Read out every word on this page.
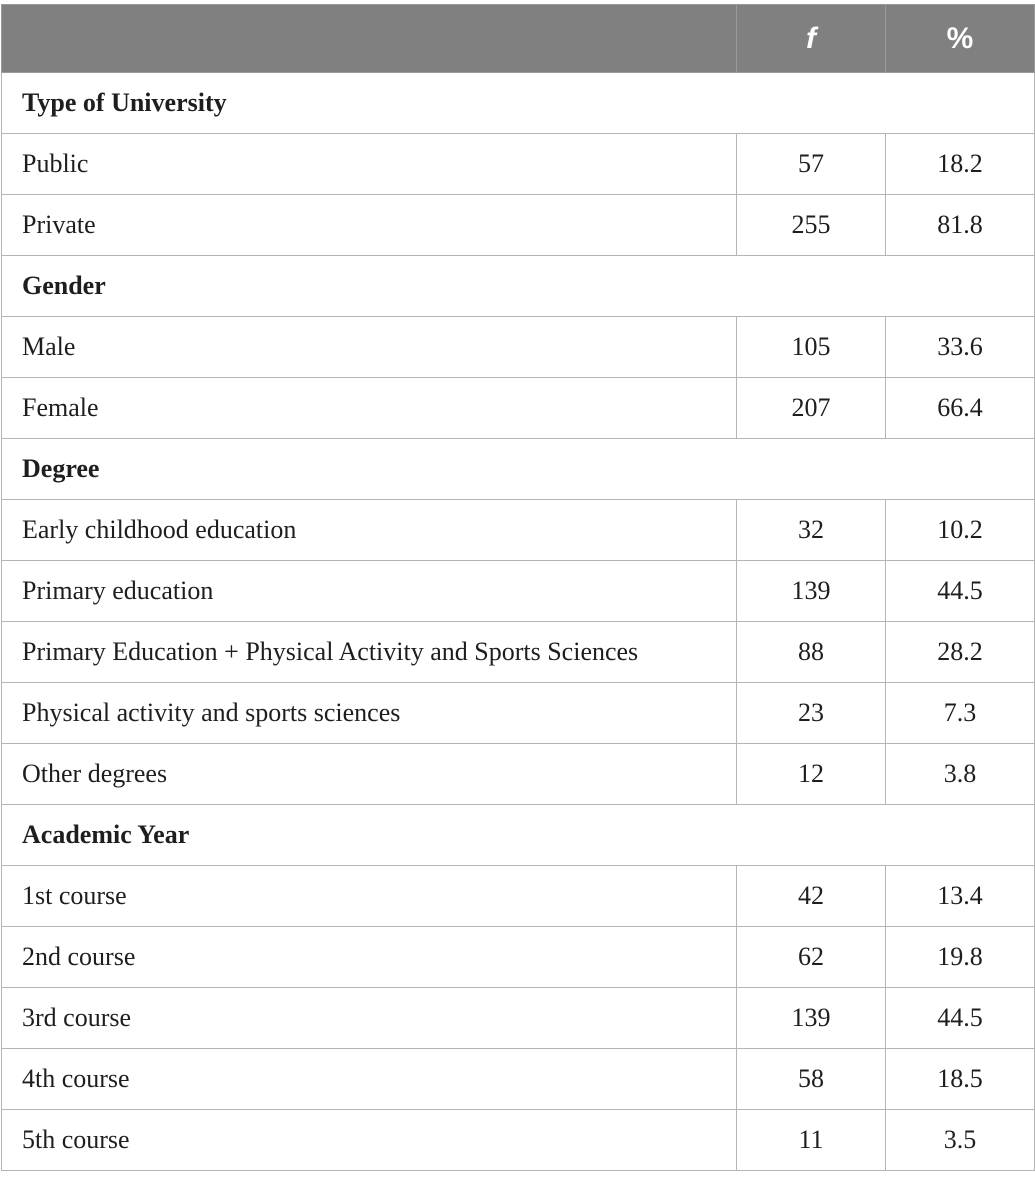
	f	%
Type of University		
Public	57	18.2
Private	255	81.8
Gender		
Male	105	33.6
Female	207	66.4
Degree		
Early childhood education	32	10.2
Primary education	139	44.5
Primary Education + Physical Activity and Sports Sciences	88	28.2
Physical activity and sports sciences	23	7.3
Other degrees	12	3.8
Academic Year		
1st course	42	13.4
2nd course	62	19.8
3rd course	139	44.5
4th course	58	18.5
5th course	11	3.5
